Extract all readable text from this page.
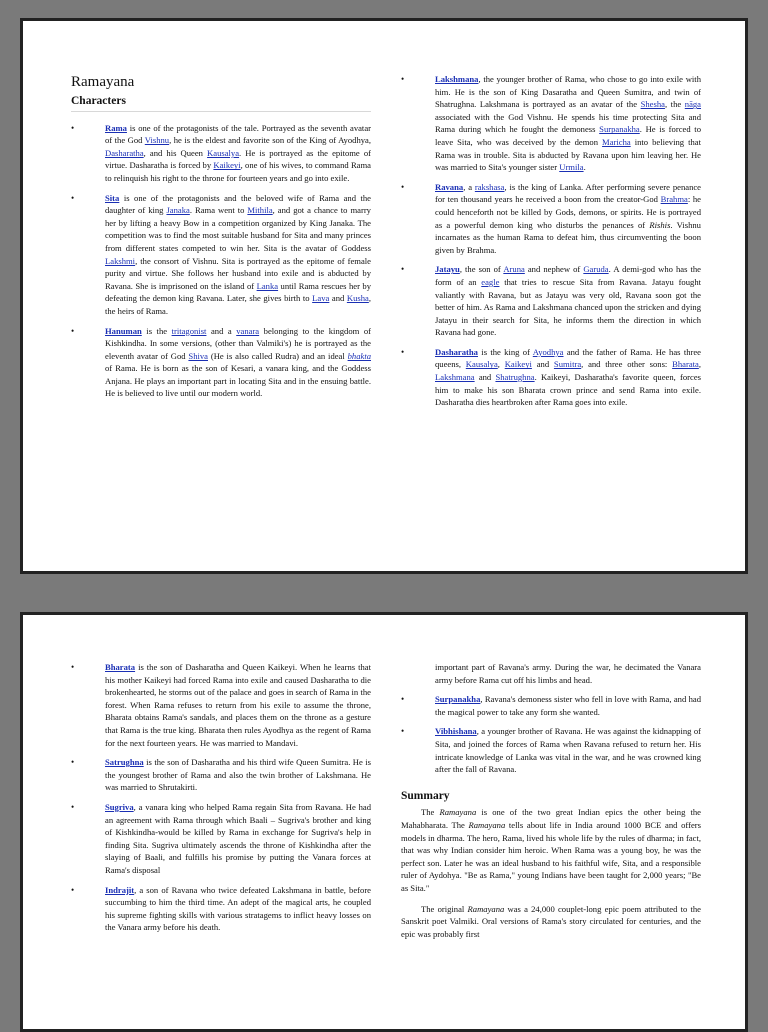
Ramayana
Characters
• Rama is one of the protagonists of the tale. Portrayed as the seventh avatar of the God Vishnu, he is the eldest and favorite son of the King of Ayodhya, Dasharatha, and his Queen Kausalya. He is portrayed as the epitome of virtue. Dasharatha is forced by Kaikeyi, one of his wives, to command Rama to relinquish his right to the throne for fourteen years and go into exile.
• Sita is one of the protagonists and the beloved wife of Rama and the daughter of king Janaka. Rama went to Mithila, and got a chance to marry her by lifting a heavy Bow in a competition organized by King Janaka. The competition was to find the most suitable husband for Sita and many princes from different states competed to win her. Sita is the avatar of Goddess Lakshmi, the consort of Vishnu. Sita is portrayed as the epitome of female purity and virtue. She follows her husband into exile and is abducted by Ravana. She is imprisoned on the island of Lanka until Rama rescues her by defeating the demon king Ravana. Later, she gives birth to Lava and Kusha, the heirs of Rama.
• Hanuman is the tritagonist and a vanara belonging to the kingdom of Kishkindha. In some versions, (other than Valmiki's) he is portrayed as the eleventh avatar of God Shiva (He is also called Rudra) and an ideal bhakta of Rama. He is born as the son of Kesari, a vanara king, and the Goddess Anjana. He plays an important part in locating Sita and in the ensuing battle. He is believed to live until our modern world.
• Lakshmana, the younger brother of Rama, who chose to go into exile with him. He is the son of King Dasaratha and Queen Sumitra, and twin of Shatrughna. Lakshmana is portrayed as an avatar of the Shesha, the nāga associated with the God Vishnu. He spends his time protecting Sita and Rama during which he fought the demoness Surpanakha. He is forced to leave Sita, who was deceived by the demon Maricha into believing that Rama was in trouble. Sita is abducted by Ravana upon him leaving her. He was married to Sita's younger sister Urmila.
• Ravana, a rakshasa, is the king of Lanka. After performing severe penance for ten thousand years he received a boon from the creator-God Brahma: he could henceforth not be killed by Gods, demons, or spirits. He is portrayed as a powerful demon king who disturbs the penances of Rishis. Vishnu incarnates as the human Rama to defeat him, thus circumventing the boon given by Brahma.
• Jatayu, the son of Aruna and nephew of Garuda. A demi-god who has the form of an eagle that tries to rescue Sita from Ravana. Jatayu fought valiantly with Ravana, but as Jatayu was very old, Ravana soon got the better of him. As Rama and Lakshmana chanced upon the stricken and dying Jatayu in their search for Sita, he informs them the direction in which Ravana had gone.
• Dasharatha is the king of Ayodhya and the father of Rama. He has three queens, Kausalya, Kaikeyi and Sumitra, and three other sons: Bharata, Lakshmana and Shatrughna. Kaikeyi, Dasharatha's favorite queen, forces him to make his son Bharata crown prince and send Rama into exile. Dasharatha dies heartbroken after Rama goes into exile.
• Bharata is the son of Dasharatha and Queen Kaikeyi. When he learns that his mother Kaikeyi had forced Rama into exile and caused Dasharatha to die brokenhearted, he storms out of the palace and goes in search of Rama in the forest. When Rama refuses to return from his exile to assume the throne, Bharata obtains Rama's sandals, and places them on the throne as a gesture that Rama is the true king. Bharata then rules Ayodhya as the regent of Rama for the next fourteen years. He was married to Mandavi.
• Satrughna is the son of Dasharatha and his third wife Queen Sumitra. He is the youngest brother of Rama and also the twin brother of Lakshmana. He was married to Shrutakirti.
• Sugriva, a vanara king who helped Rama regain Sita from Ravana. He had an agreement with Rama through which Baali – Sugriva's brother and king of Kishkindha-would be killed by Rama in exchange for Sugriva's help in finding Sita. Sugriva ultimately ascends the throne of Kishkindha after the slaying of Baali, and fulfills his promise by putting the Vanara forces at Rama's disposal
• Indrajit, a son of Ravana who twice defeated Lakshmana in battle, before succumbing to him the third time. An adept of the magical arts, he coupled his supreme fighting skills with various stratagems to inflict heavy losses on the Vanara army before his death.

important part of Ravana's army. During the war, he decimated the Vanara army before Rama cut off his limbs and head.

• Surpanakha, Ravana's demoness sister who fell in love with Rama, and had the magical power to take any form she wanted.
• Vibhishana, a younger brother of Ravana. He was against the kidnapping of Sita, and joined the forces of Rama when Ravana refused to return her. His intricate knowledge of Lanka was vital in the war, and he was crowned king after the fall of Ravana.
Summary

The Ramayana is one of the two great Indian epics the other being the Mahabharata. The Ramayana tells about life in India around 1000 BCE and offers models in dharma. The hero, Rama, lived his whole life by the rules of dharma; in fact, that was why Indian consider him heroic. When Rama was a young boy, he was the perfect son. Later he was an ideal husband to his faithful wife, Sita, and a responsible ruler of Aydohya. "Be as Rama," young Indians have been taught for 2,000 years; "Be as Sita."

The original Ramayana was a 24,000 couplet-long epic poem attributed to the Sanskrit poet Valmiki. Oral versions of Rama's story circulated for centuries, and the epic was probably first
